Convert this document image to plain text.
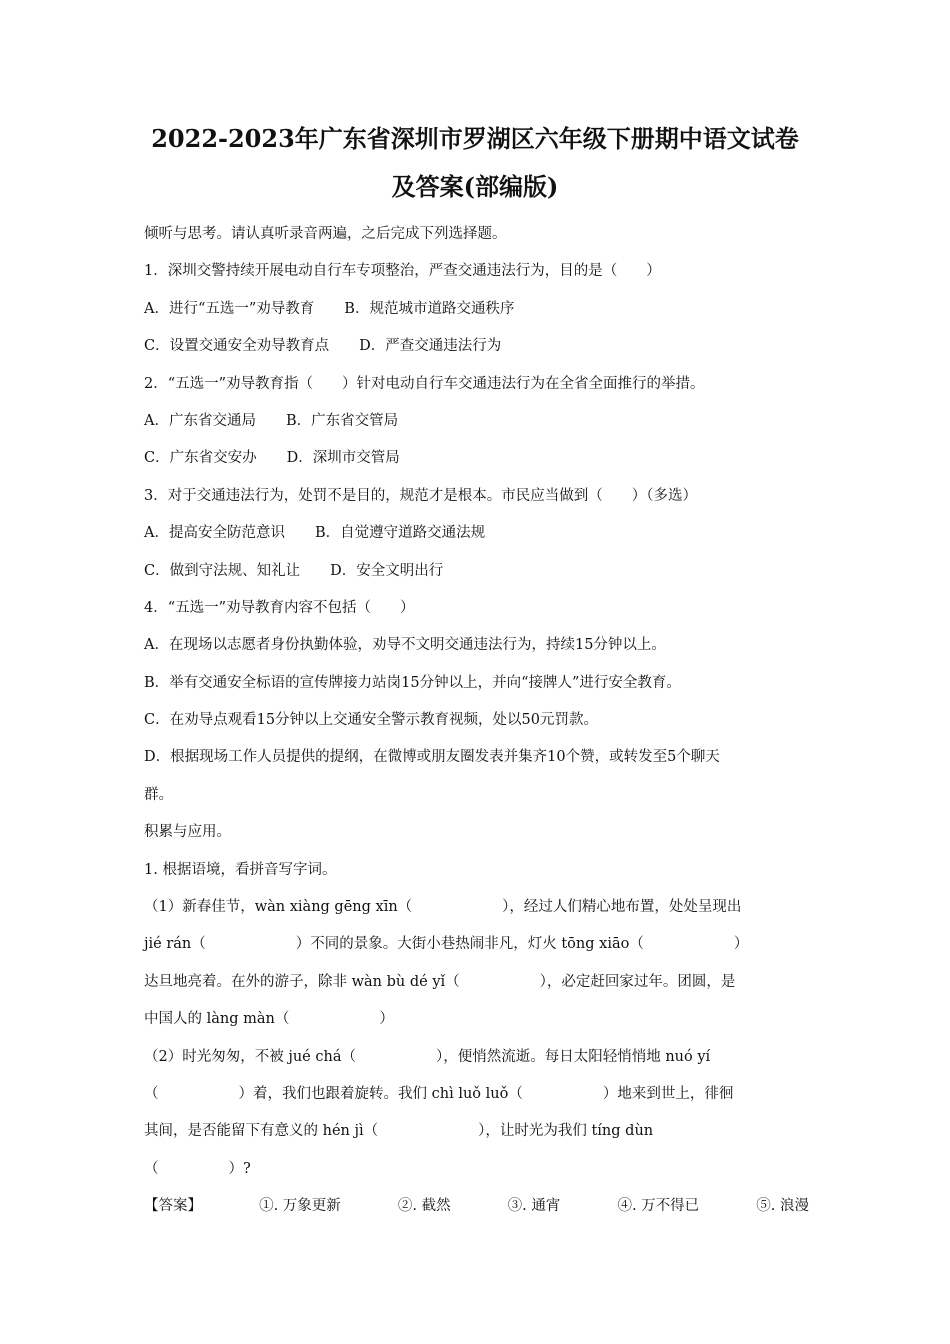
2022-2023年广东省深圳市罗湖区六年级下册期中语文试卷
及答案(部编版)
倾听与思考。请认真听录音两遍，之后完成下列选择题。
1．深圳交警持续开展电动自行车专项整治，严查交通违法行为，目的是（　　）
A．进行“五选一”劝导教育 B．规范城市道路交通秩序
C．设置交通安全劝导教育点 D．严查交通违法行为
2．“五选一”劝导教育指（　　）针对电动自行车交通违法行为在全省全面推行的举措。
A．广东省交通局 B．广东省交管局
C．广东省交安办 D．深圳市交管局
3．对于交通违法行为，处罚不是目的，规范才是根本。市民应当做到（　　）（多选）
A．提高安全防范意识 B．自觉遵守道路交通法规
C．做到守法规、知礼让 D．安全文明出行
4．“五选一”劝导教育内容不包括（　　）
A．在现场以志愿者身份执勤体验，劝导不文明交通违法行为，持续15分钟以上。
B．举有交通安全标语的宣传牌接力站岗15分钟以上，并向“接牌人”进行安全教育。
C．在劝导点观看15分钟以上交通安全警示教育视频，处以50元罚款。
D．根据现场工作人员提供的提纲，在微博或朋友圈发表并集齐10个赞，或转发至5个聊天
群。
积累与应用。
1. 根据语境，看拼音写字词。
（1）新春佳节，wàn xiàng gēng xīn（	），经过人们精心地布置，处处呈现出
jié rán（	）不同的景象。大街小巷热闹非凡，灯火 tōng xiāo（	）
达旦地亮着。在外的游子，除非 wàn bù dé yǐ（	），必定赶回家过年。团圆，是
中国人的 làng màn（	）
（2）时光匆匆，不被 jué chá（	），便悄然流逝。每日太阳轻悄悄地 nuó yí
（	）着，我们也跟着旋转。我们 chì luǒ luǒ（	）地来到世上，徘徊
其间，是否能留下有意义的 hén jì（	），让时光为我们 tíng dùn
（	）?
【答案】	①. 万象更新	②. 截然	③. 通宵	④. 万不得已	⑤. 浪漫
